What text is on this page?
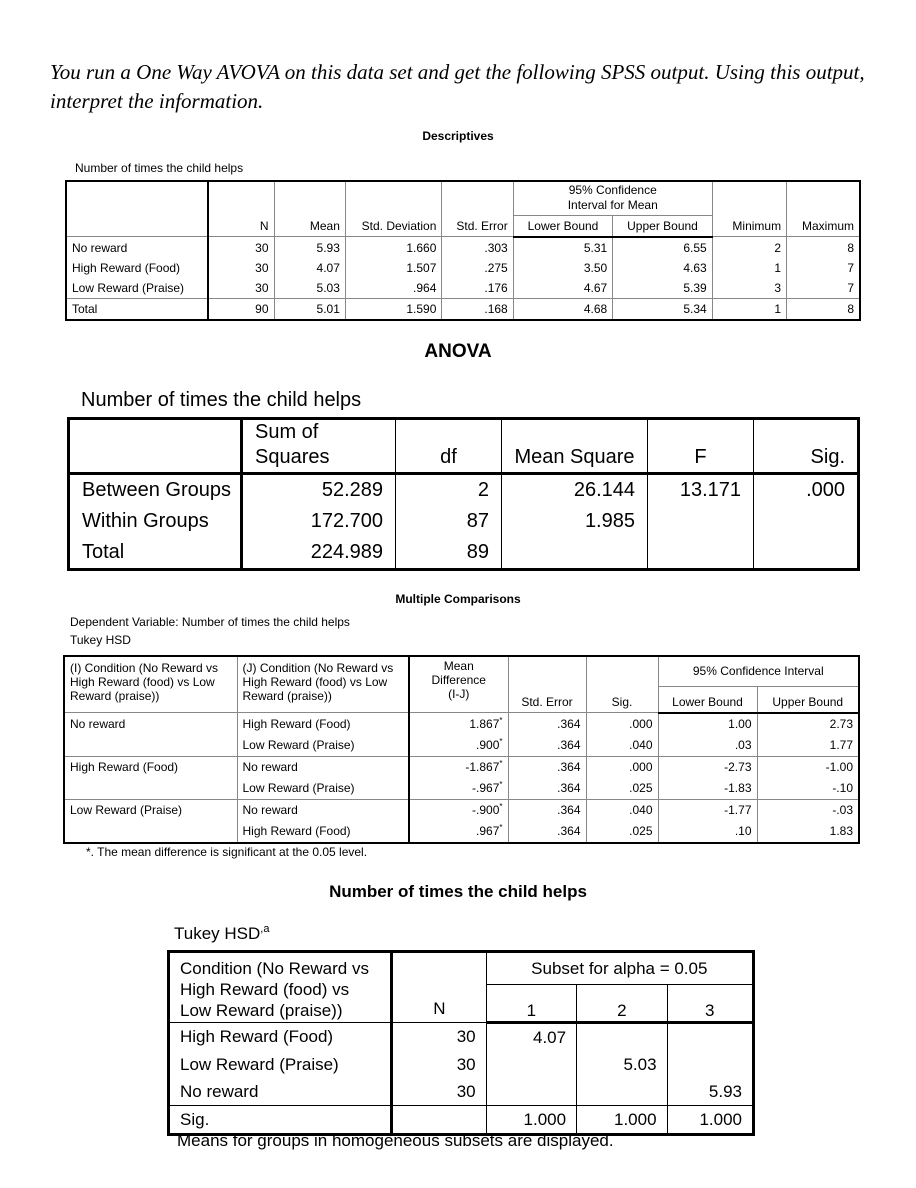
You run a One Way AVOVA on this data set and get the following SPSS output. Using this output, interpret the information.

Descriptives
Number of times the child helps
	N	Mean	Std. Deviation	Std. Error	95% Confidence Interval for Mean		Minimum	Maximum
					Lower Bound	Upper Bound		
No reward	30	5.93	1.660	.303	5.31	6.55	2	8
High Reward (Food)	30	4.07	1.507	.275	3.50	4.63	1	7
Low Reward (Praise)	30	5.03	.964	.176	4.67	5.39	3	7
Total	90	5.01	1.590	.168	4.68	5.34	1	8
ANOVA
Number of times the child helps
	Sum of Squares	df	Mean Square	F	Sig.
Between Groups	52.289	2	26.144	13.171	.000
Within Groups	172.700	87	1.985		
Total	224.989	89			
Multiple Comparisons
Dependent Variable: Number of times the child helps
Tukey HSD
(I) Condition (No Reward vs High Reward (food) vs Low Reward (praise))	(J) Condition (No Reward vs High Reward (food) vs Low Reward (praise))	Mean Difference (I-J)	Std. Error	Sig.	95% Confidence Interval	
					Lower Bound	Upper Bound
No reward	High Reward (Food)	1.867*	.364	.000	1.00	2.73
	Low Reward (Praise)	.900*	.364	.040	.03	1.77
High Reward (Food)	No reward	-1.867*	.364	.000	-2.73	-1.00
	Low Reward (Praise)	-.967*	.364	.025	-1.83	-.10
Low Reward (Praise)	No reward	-.900*	.364	.040	-1.77	-.03
	High Reward (Food)	.967*	.364	.025	.10	1.83
*. The mean difference is significant at the 0.05 level.
Number of times the child helps
Tukey $HSD^{,a}$
Condition (No Reward vs High Reward (food) vs Low Reward (praise))	N	Subset for alpha = 0.05		
		1	2	3
High Reward (Food)	30	4.07		
Low Reward (Praise)	30		5.03	
No reward	30			5.93
Sig.		1.000	1.000	1.000
Means for groups in homogeneous subsets are displayed.
